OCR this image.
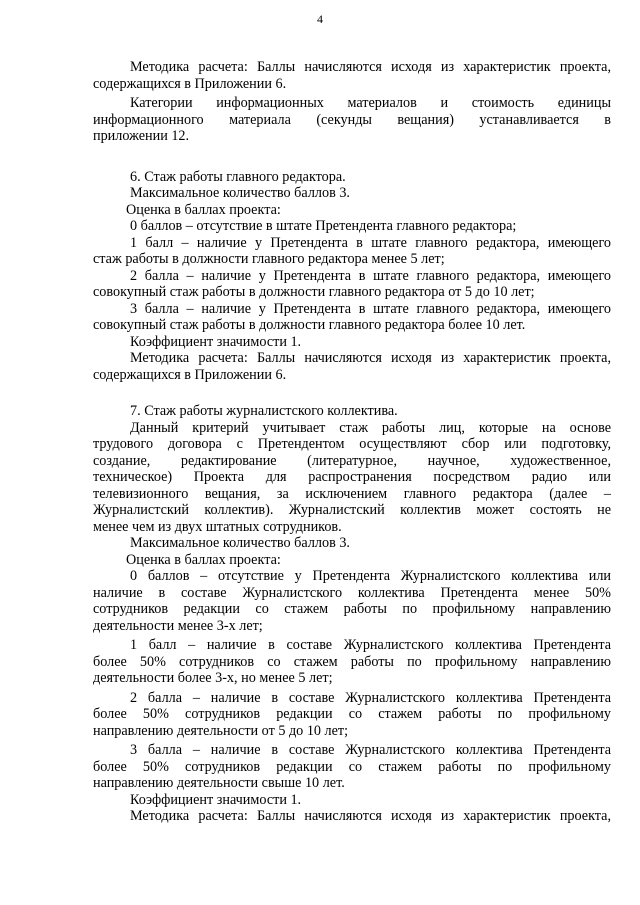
4
Методика расчета: Баллы начисляются исходя из характеристик проекта,
содержащихся в Приложении 6.
Категории информационных материалов и стоимость единицы
информационного материала (секунды вещания) устанавливается в
приложении 12.
6. Стаж работы главного редактора.
Максимальное количество баллов 3.
Оценка в баллах проекта:
0 баллов – отсутствие в штате Претендента главного редактора;
1 балл – наличие у Претендента в штате главного редактора, имеющего
стаж работы в должности главного редактора менее 5 лет;
2 балла – наличие у Претендента в штате главного редактора, имеющего
совокупный стаж работы в должности главного редактора от 5 до 10 лет;
3 балла – наличие у Претендента в штате главного редактора, имеющего
совокупный стаж работы в должности главного редактора более 10 лет.
Коэффициент значимости 1.
Методика расчета: Баллы начисляются исходя из характеристик проекта,
содержащихся в Приложении 6.
7. Стаж работы журналистского коллектива.
Данный критерий учитывает стаж работы лиц, которые на основе
трудового договора с Претендентом осуществляют сбор или подготовку,
создание, редактирование (литературное, научное, художественное,
техническое) Проекта для распространения посредством радио или
телевизионного вещания, за исключением главного редактора (далее –
Журналистский коллектив). Журналистский коллектив может состоять не
менее чем из двух штатных сотрудников.
Максимальное количество баллов 3.
Оценка в баллах проекта:
0 баллов – отсутствие у Претендента Журналистского коллектива или
наличие в составе Журналистского коллектива Претендента менее 50%
сотрудников редакции со стажем работы по профильному направлению
деятельности менее 3-х лет;
1 балл – наличие в составе Журналистского коллектива Претендента
более 50% сотрудников со стажем работы по профильному направлению
деятельности более 3-х, но менее 5 лет;
2 балла – наличие в составе Журналистского коллектива Претендента
более 50% сотрудников редакции со стажем работы по профильному
направлению деятельности от 5 до 10 лет;
3 балла – наличие в составе Журналистского коллектива Претендента
более 50% сотрудников редакции со стажем работы по профильному
направлению деятельности свыше 10 лет.
Коэффициент значимости 1.
Методика расчета: Баллы начисляются исходя из характеристик проекта,
